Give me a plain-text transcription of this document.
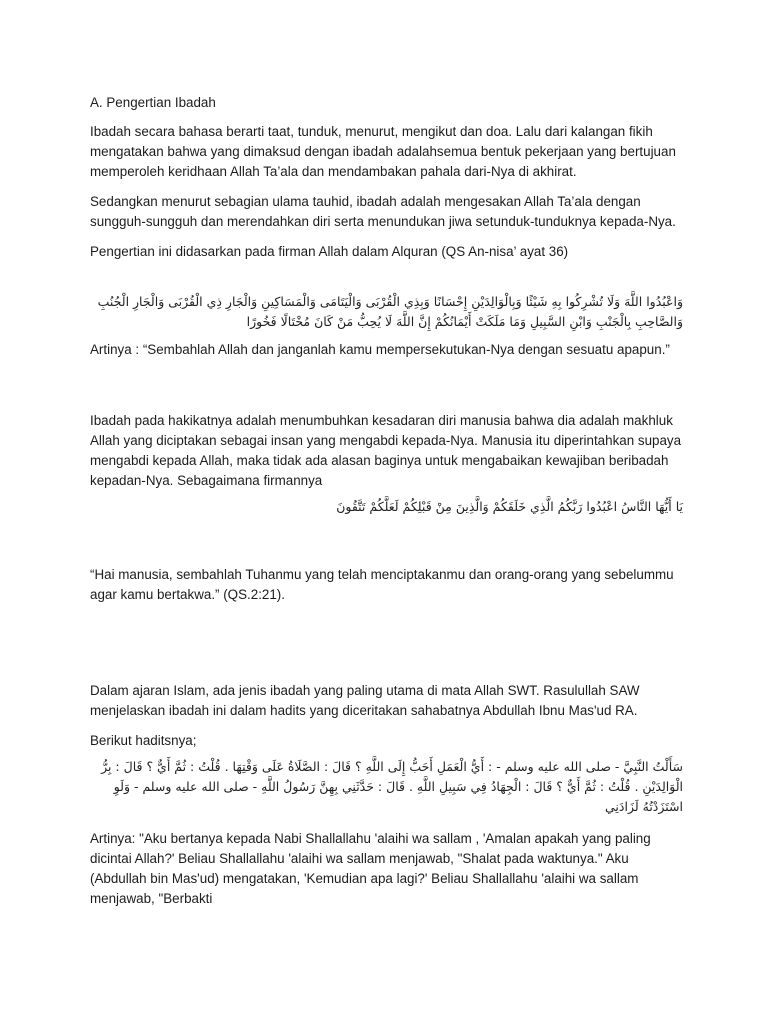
A. Pengertian Ibadah

Ibadah secara bahasa berarti taat, tunduk, menurut, mengikut dan doa. Lalu dari kalangan fikih mengatakan bahwa yang dimaksud dengan ibadah adalahsemua bentuk pekerjaan yang bertujuan memperoleh keridhaan Allah Ta’ala dan mendambakan pahala dari-Nya di akhirat.

Sedangkan menurut sebagian ulama tauhid, ibadah adalah mengesakan Allah Ta’ala dengan sungguh-sungguh dan merendahkan diri serta menundukan jiwa setunduk-tunduknya kepada-Nya.

Pengertian ini didasarkan pada firman Allah dalam Alquran (QS An-nisa’ ayat 36)

وَاعْبُدُوا اللَّهَ وَلَا تُشْرِكُوا بِهِ شَيْئًا وَبِالْوَالِدَيْنِ إِحْسَانًا وَبِذِي الْقُرْبَى وَالْيَتَامَى وَالْمَسَاكِينِ وَالْجَارِ ذِي الْقُرْبَى وَالْجَارِ الْجُنُبِ وَالصَّاحِبِ بِالْجَنْبِ وَابْنِ السَّبِيلِ وَمَا مَلَكَتْ أَيْمَانُكُمْ إِنَّ اللَّهَ لَا يُحِبُّ مَنْ كَانَ مُخْتَالًا فَخُورًا

Artinya : “Sembahlah Allah dan janganlah kamu mempersekutukan-Nya dengan sesuatu apapun.”

Ibadah pada hakikatnya adalah menumbuhkan kesadaran diri manusia bahwa dia adalah makhluk Allah yang diciptakan sebagai insan yang mengabdi kepada-Nya. Manusia itu diperintahkan supaya mengabdi kepada Allah, maka tidak ada alasan baginya untuk mengabaikan kewajiban beribadah kepadan-Nya. Sebagaimana firmannya

يَا أَيُّهَا النَّاسُ اعْبُدُوا رَبَّكُمُ الَّذِي خَلَقَكُمْ وَالَّذِينَ مِنْ قَبْلِكُمْ لَعَلَّكُمْ تَتَّقُونَ

“Hai manusia, sembahlah Tuhanmu yang telah menciptakanmu dan orang-orang yang sebelummu agar kamu bertakwa.” (QS.2:21).

Dalam ajaran Islam, ada jenis ibadah yang paling utama di mata Allah SWT. Rasulullah SAW menjelaskan ibadah ini dalam hadits yang diceritakan sahabatnya Abdullah Ibnu Mas'ud RA.

Berikut haditsnya;

سَأَلْتُ النَّبِيَّ - صلى الله عليه وسلم - : أَيُّ الْعَمَلِ أَحَبُّ إِلَى اللَّهِ ؟ قَالَ : الصَّلَاةُ عَلَى وَقْتِهَا . قُلْتُ : ثُمَّ أَيٌّ ؟ قَالَ : بِرُّ الْوَالِدَيْنِ . قُلْتُ : ثُمَّ أَيٌّ ؟ قَالَ : الْجِهَادُ فِي سَبِيلِ اللَّهِ . قَالَ : حَدَّثَنِي بِهِنَّ رَسُولُ اللَّهِ - صلى الله عليه وسلم - وَلَوِ اسْتَزَدْتُهُ لَزَادَنِي

Artinya: "Aku bertanya kepada Nabi Shallallahu 'alaihi wa sallam , 'Amalan apakah yang paling dicintai Allah?' Beliau Shallallahu 'alaihi wa sallam menjawab, "Shalat pada waktunya." Aku (Abdullah bin Mas'ud) mengatakan, 'Kemudian apa lagi?' Beliau Shallallahu 'alaihi wa sallam menjawab, "Berbakti
